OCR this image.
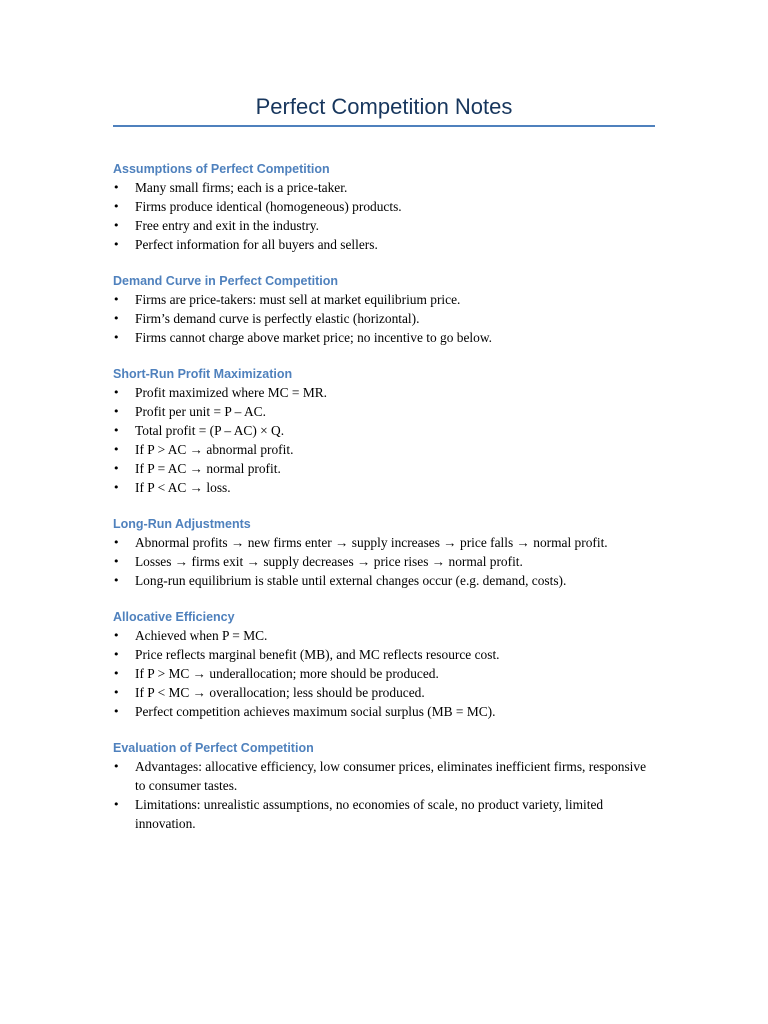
Perfect Competition Notes
Assumptions of Perfect Competition
• Many small firms; each is a price-taker.
• Firms produce identical (homogeneous) products.
• Free entry and exit in the industry.
• Perfect information for all buyers and sellers.
Demand Curve in Perfect Competition
• Firms are price-takers: must sell at market equilibrium price.
• Firm’s demand curve is perfectly elastic (horizontal).
• Firms cannot charge above market price; no incentive to go below.
Short-Run Profit Maximization
• Profit maximized where MC = MR.
• Profit per unit = P – AC.
• Total profit = (P – AC) × Q.
• If P > AC → abnormal profit.
• If P = AC → normal profit.
• If P < AC → loss.
Long-Run Adjustments
• Abnormal profits → new firms enter → supply increases → price falls → normal profit.
• Losses → firms exit → supply decreases → price rises → normal profit.
• Long-run equilibrium is stable until external changes occur (e.g. demand, costs).
Allocative Efficiency
• Achieved when P = MC.
• Price reflects marginal benefit (MB), and MC reflects resource cost.
• If P > MC → underallocation; more should be produced.
• If P < MC → overallocation; less should be produced.
• Perfect competition achieves maximum social surplus (MB = MC).
Evaluation of Perfect Competition
• Advantages: allocative efficiency, low consumer prices, eliminates inefficient firms, responsive to consumer tastes.
• Limitations: unrealistic assumptions, no economies of scale, no product variety, limited innovation.
